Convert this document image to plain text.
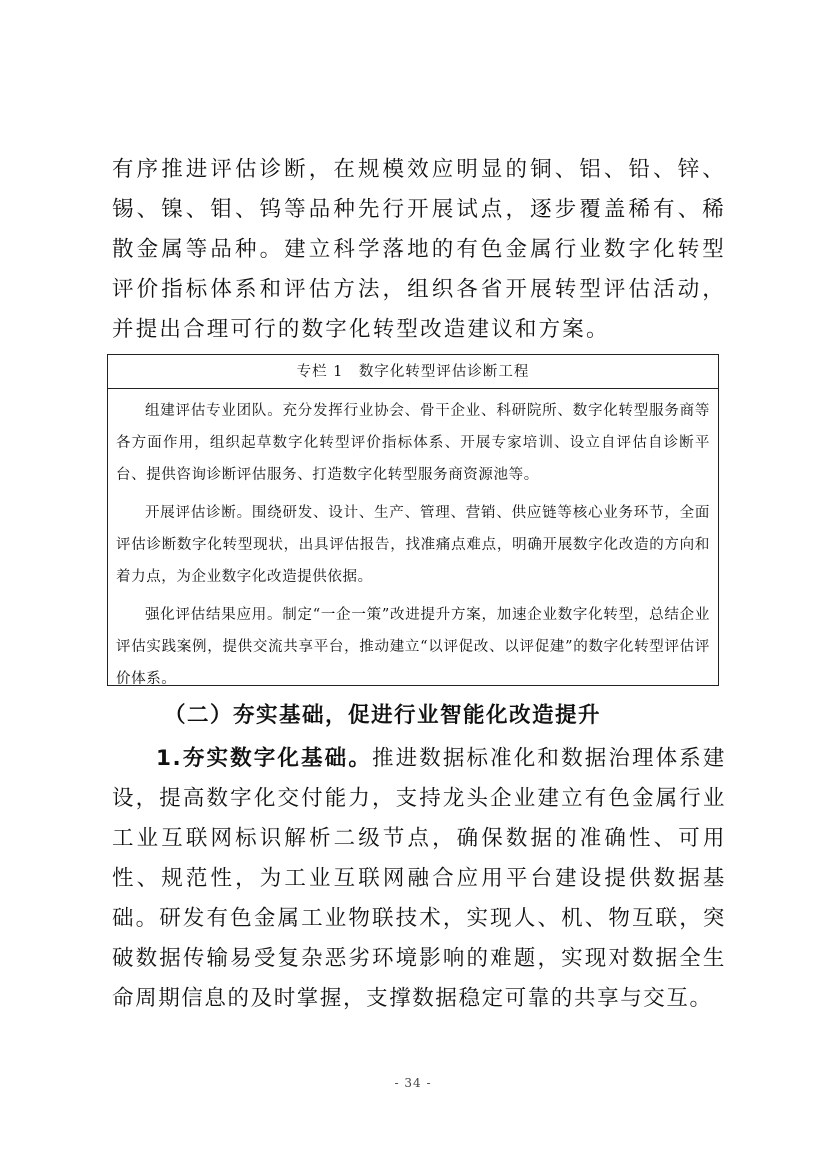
有序推进评估诊断，在规模效应明显的铜、铝、铅、锌、锡、镍、钼、钨等品种先行开展试点，逐步覆盖稀有、稀散金属等品种。建立科学落地的有色金属行业数字化转型评价指标体系和评估方法，组织各省开展转型评估活动，并提出合理可行的数字化转型改造建议和方案。

专栏 1　数字化转型评估诊断工程

组建评估专业团队。充分发挥行业协会、骨干企业、科研院所、数字化转型服务商等各方面作用，组织起草数字化转型评价指标体系、开展专家培训、设立自评估自诊断平台、提供咨询诊断评估服务、打造数字化转型服务商资源池等。

开展评估诊断。围绕研发、设计、生产、管理、营销、供应链等核心业务环节，全面评估诊断数字化转型现状，出具评估报告，找准痛点难点，明确开展数字化改造的方向和着力点，为企业数字化改造提供依据。

强化评估结果应用。制定“一企一策”改进提升方案，加速企业数字化转型，总结企业评估实践案例，提供交流共享平台，推动建立“以评促改、以评促建”的数字化转型评估评价体系。

（二）夯实基础，促进行业智能化改造提升

1.夯实数字化基础。推进数据标准化和数据治理体系建设，提高数字化交付能力，支持龙头企业建立有色金属行业工业互联网标识解析二级节点，确保数据的准确性、可用性、规范性，为工业互联网融合应用平台建设提供数据基础。研发有色金属工业物联技术，实现人、机、物互联，突破数据传输易受复杂恶劣环境影响的难题，实现对数据全生命周期信息的及时掌握，支撑数据稳定可靠的共享与交互。

- 34 -
